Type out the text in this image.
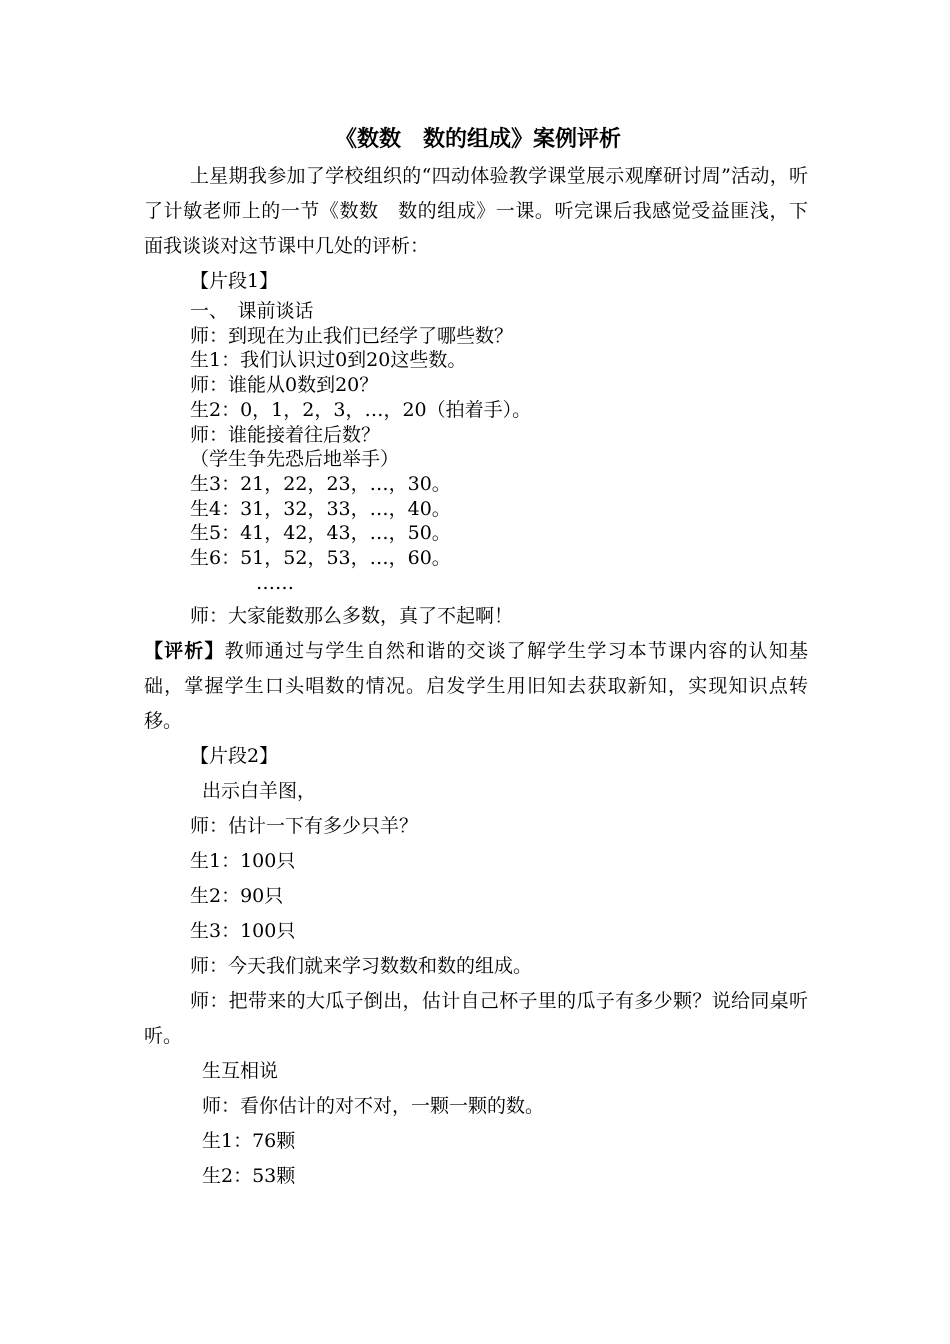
《数数　数的组成》案例评析
上星期我参加了学校组织的“四动体验教学课堂展示观摩研讨周”活动，听了计敏老师上的一节《数数　数的组成》一课。听完课后我感觉受益匪浅，下面我谈谈对这节课中几处的评析：
【片段1】
一、　课前谈话
师：到现在为止我们已经学了哪些数？
生1：我们认识过0到20这些数。
师：谁能从0数到20？
生2：0，1，2，3，…，20（拍着手）。
师：谁能接着往后数？
（学生争先恐后地举手）
生3：21，22，23，…，30。
生4：31，32，33，…，40。
生5：41，42，43，…，50。
生6：51，52，53，…，60。
……
师：大家能数那么多数，真了不起啊！
【评析】教师通过与学生自然和谐的交谈了解学生学习本节课内容的认知基础，掌握学生口头唱数的情况。启发学生用旧知去获取新知，实现知识点转移。
【片段2】
出示白羊图，
师：估计一下有多少只羊？
生1：100只
生2：90只
生3：100只
师：今天我们就来学习数数和数的组成。
师：把带来的大瓜子倒出，估计自己杯子里的瓜子有多少颗？说给同桌听听。
生互相说
师：看你估计的对不对，一颗一颗的数。
生1：76颗
生2：53颗
